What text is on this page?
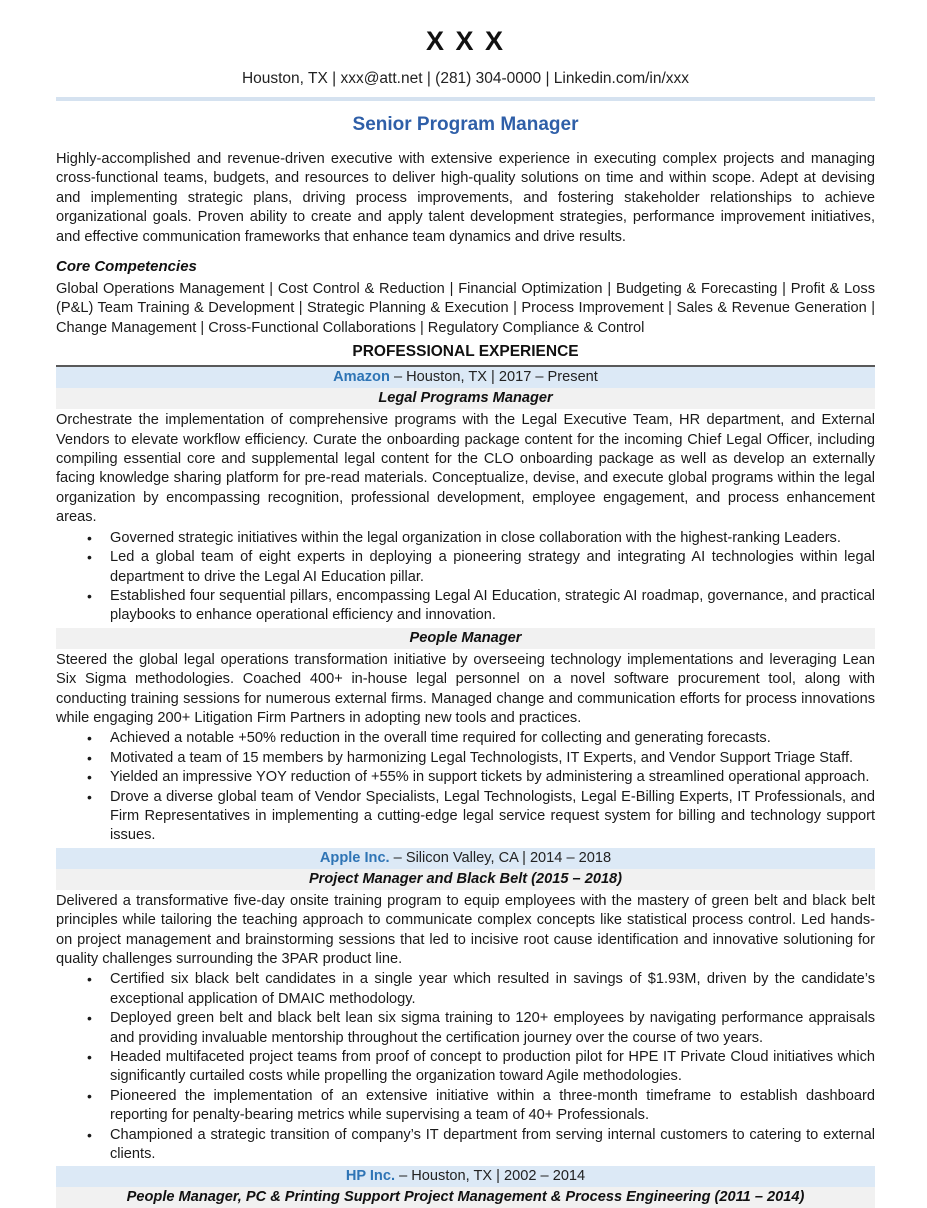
X X X
Houston, TX | xxx@att.net | (281) 304-0000 | Linkedin.com/in/xxx
Senior Program Manager

Highly-accomplished and revenue-driven executive with extensive experience in executing complex projects and managing cross-functional teams, budgets, and resources to deliver high-quality solutions on time and within scope. Adept at devising and implementing strategic plans, driving process improvements, and fostering stakeholder relationships to achieve organizational goals. Proven ability to create and apply talent development strategies, performance improvement initiatives, and effective communication frameworks that enhance team dynamics and drive results.

Core Competencies

Global Operations Management | Cost Control & Reduction | Financial Optimization | Budgeting & Forecasting | Profit & Loss (P&L) Team Training & Development | Strategic Planning & Execution | Process Improvement | Sales & Revenue Generation | Change Management | Cross-Functional Collaborations | Regulatory Compliance & Control

PROFESSIONAL EXPERIENCE
Amazon – Houston, TX | 2017 – Present
Legal Programs Manager

Orchestrate the implementation of comprehensive programs with the Legal Executive Team, HR department, and External Vendors to elevate workflow efficiency. Curate the onboarding package content for the incoming Chief Legal Officer, including compiling essential core and supplemental legal content for the CLO onboarding package as well as develop an externally facing knowledge sharing platform for pre-read materials. Conceptualize, devise, and execute global programs within the legal organization by encompassing recognition, professional development, employee engagement, and process enhancement areas.

• Governed strategic initiatives within the legal organization in close collaboration with the highest-ranking Leaders.
• Led a global team of eight experts in deploying a pioneering strategy and integrating AI technologies within legal department to drive the Legal AI Education pillar.
• Established four sequential pillars, encompassing Legal AI Education, strategic AI roadmap, governance, and practical playbooks to enhance operational efficiency and innovation.
People Manager

Steered the global legal operations transformation initiative by overseeing technology implementations and leveraging Lean Six Sigma methodologies. Coached 400+ in-house legal personnel on a novel software procurement tool, along with conducting training sessions for numerous external firms. Managed change and communication efforts for process innovations while engaging 200+ Litigation Firm Partners in adopting new tools and practices.

• Achieved a notable +50% reduction in the overall time required for collecting and generating forecasts.
• Motivated a team of 15 members by harmonizing Legal Technologists, IT Experts, and Vendor Support Triage Staff.
• Yielded an impressive YOY reduction of +55% in support tickets by administering a streamlined operational approach.
• Drove a diverse global team of Vendor Specialists, Legal Technologists, Legal E-Billing Experts, IT Professionals, and Firm Representatives in implementing a cutting-edge legal service request system for billing and technology support issues.
Apple Inc. – Silicon Valley, CA | 2014 – 2018
Project Manager and Black Belt (2015 – 2018)

Delivered a transformative five-day onsite training program to equip employees with the mastery of green belt and black belt principles while tailoring the teaching approach to communicate complex concepts like statistical process control. Led hands-on project management and brainstorming sessions that led to incisive root cause identification and innovative solutioning for quality challenges surrounding the 3PAR product line.

• Certified six black belt candidates in a single year which resulted in savings of $1.93M, driven by the candidate’s exceptional application of DMAIC methodology.
• Deployed green belt and black belt lean six sigma training to 120+ employees by navigating performance appraisals and providing invaluable mentorship throughout the certification journey over the course of two years.
• Headed multifaceted project teams from proof of concept to production pilot for HPE IT Private Cloud initiatives which significantly curtailed costs while propelling the organization toward Agile methodologies.
• Pioneered the implementation of an extensive initiative within a three-month timeframe to establish dashboard reporting for penalty-bearing metrics while supervising a team of 40+ Professionals.
• Championed a strategic transition of company’s IT department from serving internal customers to catering to external clients.
HP Inc. – Houston, TX | 2002 – 2014
People Manager, PC & Printing Support Project Management & Process Engineering (2011 – 2014)
